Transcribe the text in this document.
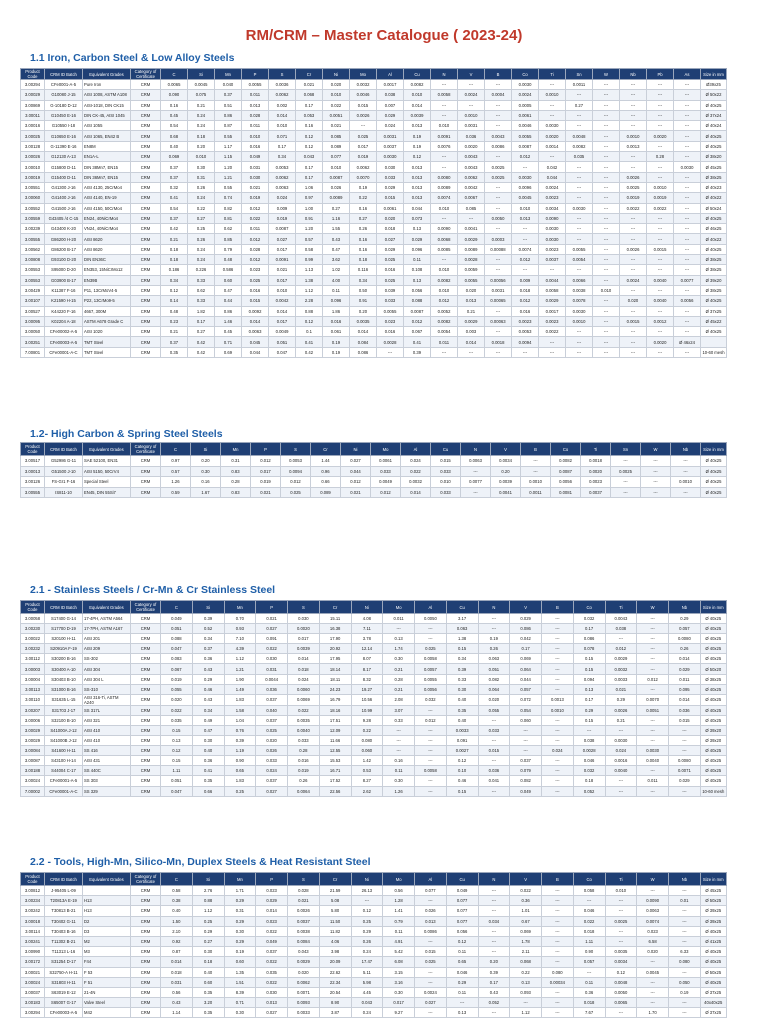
RM/CRM – Master Catalogue ( 2023-24)
1.1 Iron, Carbon Steel & Low Alloy Steels
Product Code	CRM ID Batch	Equivalent Grades	Category of Certificate	C	Si	Mn	P	S	Cr	Ni	Mo	Al	Cu	N	V	B	Co	Ti	Sn	W	Nb	Pb	As	Size in mm
3.00294	CFe0001-A-5	Pure Iron	CRM	0.0065	0.0045	0.040	0.0055	0.0036	0.021	0.020	0.0032	0.0017	0.0082	---	---	---	0.0030	---	0.0011	---	---	---	---	Ø39x25
3.00029	G10080 J-15	AISI 1008, ASTM A108	CRM	0.090	0.075	0.37	0.011	0.0062	0.068	0.010	0.0046	0.038	0.010	0.0058	0.0024	0.0004	0.0024	0.0010	---	---	---	---	---	Ø 50x22
3.00869	G-10180 D-12	AISI-1018, DIN CK15	CRM	0.16	0.21	0.51	0.013	0.002	0.17	0.022	0.015	0.007	0.014	---	---	---	0.0005	---	0.27	---	---	---	---	Ø 40x25
3.00011	G10450 E-16	DIN CK-45, AISI 1045	CRM	0.45	0.24	0.86	0.028	0.014	0.053	0.0051	0.0026	0.029	0.0039	---	0.0010	---	0.0061	---	---	---	---	---	---	Ø 37x24
3.00016	G10550 I-18	AISI 1055	CRM	0.54	0.24	0.87	0.011	0.010	0.16	0.021	---	0.024	0.013	0.010	0.0031	---	0.0046	0.0030	---	---	---	---	---	Ø 40x24
3.00025	G10650 E-16	AISI 1065, EN42 B	CRM	0.68	0.18	0.55	0.010	0.071	0.12	0.085	0.025	0.0031	0.19	0.0091	0.036	0.0043	0.0055	0.0020	0.0048	---	0.0010	0.0020	---	Ø 40x25
3.00128	G-11390 E-16	EN8M	CRM	0.40	0.20	1.17	0.016	0.17	0.12	0.089	0.017	0.0037	0.19	0.0076	0.0020	0.0086	0.0087	0.0014	0.0082	---	0.0013	---	---	Ø 40x25
3.00026	G12130 A-13	EN1A-L	CRM	0.069	0.010	1.15	0.049	0.34	0.043	0.077	0.019	0.0030	0.12	---	0.0043	---	0.012	---	0.035	---	---	0.28	---	Ø 38x20
3.00010	G15800 D-11	DIN 38Mn7, EN15	CRM	0.37	0.30	1.20	0.031	0.0053	0.17	0.010	0.0062	0.030	0.013	---	0.0043	0.0025	---	0.042	---	---	---	---	0.0030	Ø 45x25
3.00019	G15400 D-11	DIN 36Mn7, EN15	CRM	0.37	0.31	1.21	0.030	0.0062	0.17	0.0087	0.0070	0.033	0.013	0.0080	0.0062	0.0025	0.0030	0.044	---	---	0.0026	---	---	Ø 38x25
3.00551	G41300 J-16	AISI 4130, 25CrMo4	CRM	0.32	0.26	0.55	0.021	0.0063	1.06	0.026	0.19	0.029	0.013	0.0089	0.0042	---	0.0096	0.0024	---	---	0.0025	0.0010	---	Ø 40x23
3.00060	G41400 J-16	AISI 4140, EN-19	CRM	0.41	0.24	0.74	0.019	0.024	0.97	0.0089	0.22	0.015	0.013	0.0074	0.0067	---	0.0045	0.0023	---	---	0.0019	0.0019	---	Ø 40x22
3.00552	G41500 J-16	AISI 4150, 50CrMo4	CRM	0.54	0.22	0.82	0.012	0.009	1.00	0.27	0.16	0.0061	0.044	0.010	0.085	---	0.010	0.0034	0.0030	---	0.0022	0.0022	---	Ø 50x24
3.00559	G43405 /4 C-15	EN24, 40NiCrMo4	CRM	0.37	0.27	0.81	0.022	0.019	0.91	1.16	0.27	0.020	0.073	---	---	0.0050	0.013	0.0090	---	---	---	---	---	Ø 40x25
3.00239	G43400 K-20	VN24, 40NiCrMo4	CRM	0.42	0.25	0.62	0.011	0.0087	1.20	1.55	0.26	0.018	0.13	0.0090	0.0041	---	---	0.0030	---	---	---	---	---	Ø 46x25
3.00555	G86200 H-20	AISI 8620	CRM	0.21	0.26	0.85	0.012	0.027	0.57	0.43	0.16	0.027	0.029	0.0068	0.0029	0.0003	---	0.0030	---	---	---	---	---	Ø 40x22
3.00562	G86200 B-17	AISI 8620	CRM	0.18	0.24	0.79	0.028	0.017	0.58	0.47	0.16	0.029	0.096	0.0085	0.0089	0.00088	0.0074	0.0023	0.0055	---	0.0026	0.0015	---	Ø 40x25
3.00808	G93100 D-20	DIN EN36C	CRM	0.18	0.24	0.48	0.012	0.0091	0.99	3.62	0.18	0.025	0.11	---	0.0028	---	0.012	0.0037	0.0054	---	---	---	---	Ø 38x25
3.00553	S95000 D-20	EN353, 15NiCrMo12	CRM	0.186	0.226	0.586	0.023	0.021	1.13	1.02	0.116	0.016	0.108	0.010	0.0059	---	---	---	---	---	---	---	---	Ø 38x25
3.00553	G03900 B-17	EN39B	CRM	0.34	0.33	0.60	0.025	0.017	1.38	4.00	0.34	0.025	0.13	0.0082	0.0055	0.00056	0.009	0.0044	0.0066	---	0.0024	0.0040	0.0077	Ø 39x20
3.00429	K11387 F-16	P11, 13CrMoV4-5	CRM	0.12	0.62	0.47	0.016	0.010	1.12	0.11	0.50	0.039	0.056	0.010	0.020	0.0031	0.018	0.0058	0.0038	0.010	---	---	---	Ø 38x25
3.00107	K21590 H-15	P22, 13CrMo9-5	CRM	0.14	0.33	0.44	0.015	0.0042	2.28	0.096	0.91	0.033	0.088	0.012	0.013	0.00065	0.012	0.0029	0.0078	---	0.020	0.0040	0.0056	Ø 40x25
3.00527	K44220 F-16	4667, 300M	CRM	0.48	1.82	0.86	0.0092	0.014	0.88	1.86	0.20	0.0055	0.0087	0.0052	0.21	---	0.016	0.0017	0.0030	---	---	---	---	Ø 37x25
3.00095	K02204 A-18	ASTM A678 Grade C	CRM	0.23	0.17	1.46	0.014	0.017	0.12	0.016	0.0035	0.023	0.012	0.0082	0.0029	0.00063	0.0023	0.0023	0.0010	---	0.0015	0.0012	---	Ø 45x22
3.00050	CFe00002-A-5	AISI 1020	CRM	0.21	0.27	0.45	0.0063	0.0049	0.1	0.061	0.014	0.016	0.067	0.0054	0.003	---	0.0053	0.0022	---	---	---	---	---	Ø 40x25
3.00251	CFe00003-A-5	TMT Steel	CRM	0.37	0.42	0.71	0.045	0.051	0.41	0.19	0.084	0.0028	0.41	0.011	0.014	0.0018	0.0094	---	---	---	---	0.0020	Ø 46x24	
7.00801	CFe00001-A-C	TMT Steel	CRM	0.35	0.42	0.69	0.044	0.047	0.42	0.19	0.086	---	0.39	---	---	---	---	---	---	---	---	---	---	10-60 mesh
1.2- High Carbon & Spring Steel Steels
Product Code	CRM ID Batch	Equivalent Grades	Category of Certificate	C	Si	Mn	P	S	Cr	Ni	Mo	Al	Cu	N	V	B	Co	Ti	Sn	W	Nb	Size in mm
3.00517	G52986 G-11	SAE 52100, EN31	CRM	0.97	0.20	0.31	0.012	0.0053	1.44	0.027	0.0061	0.024	0.015	0.0063	0.0034	---	0.0082	0.0018	---	---	---	Ø 40x25
3.00013	G51500 J-10	AISI 5150, 50CrV4	CRM	0.57	0.30	0.83	0.017	0.0094	0.96	0.044	0.033	0.022	0.033	---	0.20	---	0.0087	0.0020	0.0025	---	---	Ø 40x25
3.00126	FS-Gr1 F-16	Special Steel	CRM	1.26	0.16	0.28	0.019	0.012	0.66	0.012	0.0049	0.0032	0.010	0.0077	0.0039	0.0010	0.0056	0.0023	---	---	0.0010	Ø 40x25
3.00555	IS811-10	EN45, DIN 55Si7	CRM	0.59	1.67	0.83	0.021	0.025	0.089	0.021	0.012	0.014	0.033	---	0.0041	0.0011	0.0081	0.0037	---	---	---	Ø 40x25
2.1 - Stainless Steels / Cr-Mn & Cr Stainless Steel
Product Code	CRM ID Batch	Equivalent Grades	Category of Certificate	C	Si	Mn	P	S	Cr	Ni	Mo	Al	Cu	N	V	B	Co	Ti	W	Nb	Size in mm
3.00058	S17400 G-14	17-4PH, ASTM A564	CRM	0.049	0.39	0.70	0.021	0.030	15.11	4.08	0.011	0.0050	3.17	---	0.029	---	0.032	0.0043	---	0.29	Ø 40x25
3.00230	S17700 D-19	17-7PH, ASTM A167	CRM	0.051	0.52	0.93	0.027	0.0020	16.38	7.11	---	---	0.063	---	0.086	---	0.17	0.038	---	0.057	Ø 40x25
3.00022	S20100 H-11	AISI 201	CRM	0.088	0.34	7.10	0.091	0.017	17.90	3.78	0.13	---	1.38	0.19	0.042	---	0.086	---	---	0.0080	Ø 40x25
3.00232	S20910A F-19	AISI 209	CRM	0.047	0.37	4.39	0.022	0.0039	20.92	12.14	1.74	0.025	0.15	0.26	0.17	---	0.078	0.012	---	0.26	Ø 40x25
3.00112	S30200 B-16	SS-302	CRM	0.083	0.36	1.12	0.030	0.014	17.95	8.07	0.30	0.0058	0.34	0.063	0.069	---	0.15	0.0029	---	0.014	Ø 40x25
3.00003	S30400 A-10	AISI 304	CRM	0.067	0.43	1.21	0.031	0.018	18.14	8.17	0.21	0.0057	0.39	0.051	0.064	---	0.15	0.0032	---	0.029	Ø 50x20
3.00004	S30403 B-10	AISI 304 L	CRM	0.019	0.29	1.90	0.0044	0.024	18.11	8.32	0.28	0.0055	0.33	0.082	0.044	---	0.094	0.0033	0.012	0.011	Ø 38x25
3.00113	S31000 B-16	SS-310	CRM	0.055	0.46	1.49	0.036	0.0060	24.23	19.27	0.21	0.0056	0.30	0.064	0.057	---	0.13	0.021	---	0.095	Ø 40x25
3.00110	S31635 L-15	AISI 316-Ti, ASTM A240	CRM	0.020	0.43	1.83	0.037	0.0069	16.79	10.56	2.08	0.032	0.40	0.020	0.072	0.0013	0.17	0.29	0.0070	0.014	Ø 40x25
3.00207	S31703 J-17	SS 317L	CRM	0.022	0.34	1.58	0.040	0.022	18.16	10.99	3.07	---	0.35	0.055	0.054	0.0010	0.29	0.0026	0.0051	0.036	Ø 40x25
3.00006	S32100 B-10	AISI 321	CRM	0.035	0.49	1.04	0.037	0.0035	17.51	9.28	0.33	0.012	0.40	---	0.060	---	0.15	0.21	---	0.015	Ø 40x25
3.00029	S41000A J-12	AISI 410	CRM	0.15	0.47	0.76	0.025	0.0040	12.09	0.22	---	---	0.0033	0.033	---	---	---	---	---	---	Ø 39x20
3.00029	S41000B J-12	AISI 410	CRM	0.13	0.30	0.39	0.020	0.033	11.66	0.080	---	---	0.091	---	---	---	0.038	0.0030	---	---	Ø 39x20
3.00084	S41600 H-11	SS 416	CRM	0.12	0.40	1.19	0.026	0.28	12.55	0.060	---	---	0.0027	0.015	---	0.024	0.0028	0.024	0.0030	---	Ø 40x25
3.00087	S43100 H-14	AISI 431	CRM	0.15	0.36	0.90	0.033	0.016	15.53	1.42	0.16	---	0.12	---	0.037	---	0.046	0.0016	0.0040	0.0080	Ø 40x25
3.00188	S44004 C-17	SS 440C	CRM	1.11	0.41	0.65	0.024	0.019	16.71	0.53	0.11	0.0058	0.10	0.036	0.079	---	0.032	0.0040	---	0.0071	Ø 40x25
3.00024	CFe00001-A-5	SS 303	CRM	0.051	0.35	1.83	0.037	0.26	17.52	8.27	0.30	---	0.46	0.041	0.082	---	0.18	---	0.011	0.029	Ø 40x25
7.00002	CFe00001-A-C	SS 329	CRM	0.047	0.66	0.25	0.027	0.0064	22.56	2.62	1.26	---	0.15	---	0.049	---	0.052	---	---	---	10-60 mesh
2.2 - Tools, High-Mn, Silico-Mn, Duplex Steels & Heat Resistant Steel
Product Code	CRM ID Batch	Equivalent Grades	Category of Certificate	C	Si	Mn	P	S	Cr	Ni	Mo	Al	Cu	N	V	B	Co	Ti	W	Nb	Size in mm
3.00812	J-95405 L-09		CRM	0.58	2.76	1.71	0.023	0.028	21.59	26.13	0.56	0.077	0.049	---	0.022	---	0.058	0.010	---	---	Ø 45x25
3.00234	T20813A E-19	H13	CRM	0.38	0.88	0.29	0.029	0.021	5.08	---	1.28	---	0.077	---	0.36	---	---	---	0.0090	0.01	Ø 50x25
3.00242	T30813 B-21	H13	CRM	0.40	1.12	0.31	0.014	0.0026	5.80	0.12	1.41	0.026	0.077	---	1.01	---	0.046	---	0.0063	---	Ø 39x25
3.00018	T30402 G-11	D2	CRM	1.50	0.25	0.29	0.023	0.0037	11.50	0.25	0.79	0.013	0.077	0.034	0.67	---	0.022	0.0025	0.0074	---	Ø 39x25
3.00114	T30403 B-16	D3	CRM	2.10	0.29	0.30	0.022	0.0038	11.82	0.29	0.11	0.0086	0.056	---	0.069	---	0.018	---	0.023	---	Ø 40x25
3.00241	T11302 B-21	M2	CRM	0.92	0.27	0.29	0.049	0.0084	4.06	0.26	4.91	---	0.12	---	1.78	---	1.11	---	6.58	---	Ø 41x25
3.00990	T11313 L-16	M3	CRM	0.87	0.30	0.19	0.037	0.043	3.98	0.24	5.42	0.015	0.11	---	2.11	---	0.90	0.0035	0.020	6.33	Ø 40x25
3.00172	S31254 D-17	F44	CRM	0.014	0.18	0.60	0.022	0.0029	20.09	17.47	6.08	0.025	0.65	0.20	0.068	---	0.057	0.0034	---	0.080	Ø 40x25
3.00021	S32750-A H-11	F 53	CRM	0.018	0.40	1.35	0.035	0.020	22.62	5.11	3.15	---	0.046	0.39	0.22	0.080	---	0.12	0.0045	---	Ø 50x25
3.00024	S31803 H-11	F 51	CRM	0.031	0.60	1.51	0.022	0.0062	22.34	5.98	3.16	---	0.29	0.17	0.13	0.00034	0.11	0.0048	---	0.050	Ø 40x25
3.00037	S63019 E-12	21-4N	CRM	0.56	0.35	8.39	0.030	0.0071	20.54	4.45	0.30	0.0024	0.11	0.43	0.093	---	0.36	0.0050	---	0.19	Ø 37x25
3.00183	S65007 G-17	Valve Steel	CRM	0.43	3.20	0.71	0.013	0.0093	8.90	0.043	0.017	0.027	---	0.052	---	---	0.018	0.0065	---	---	40x40x25
3.00294	CFe00003-A-5	M42	CRM	1.14	0.35	0.30	0.027	0.0033	3.87	0.24	9.27	---	0.13	---	1.12	---	7.67	---	1.70	---	Ø 37x25
